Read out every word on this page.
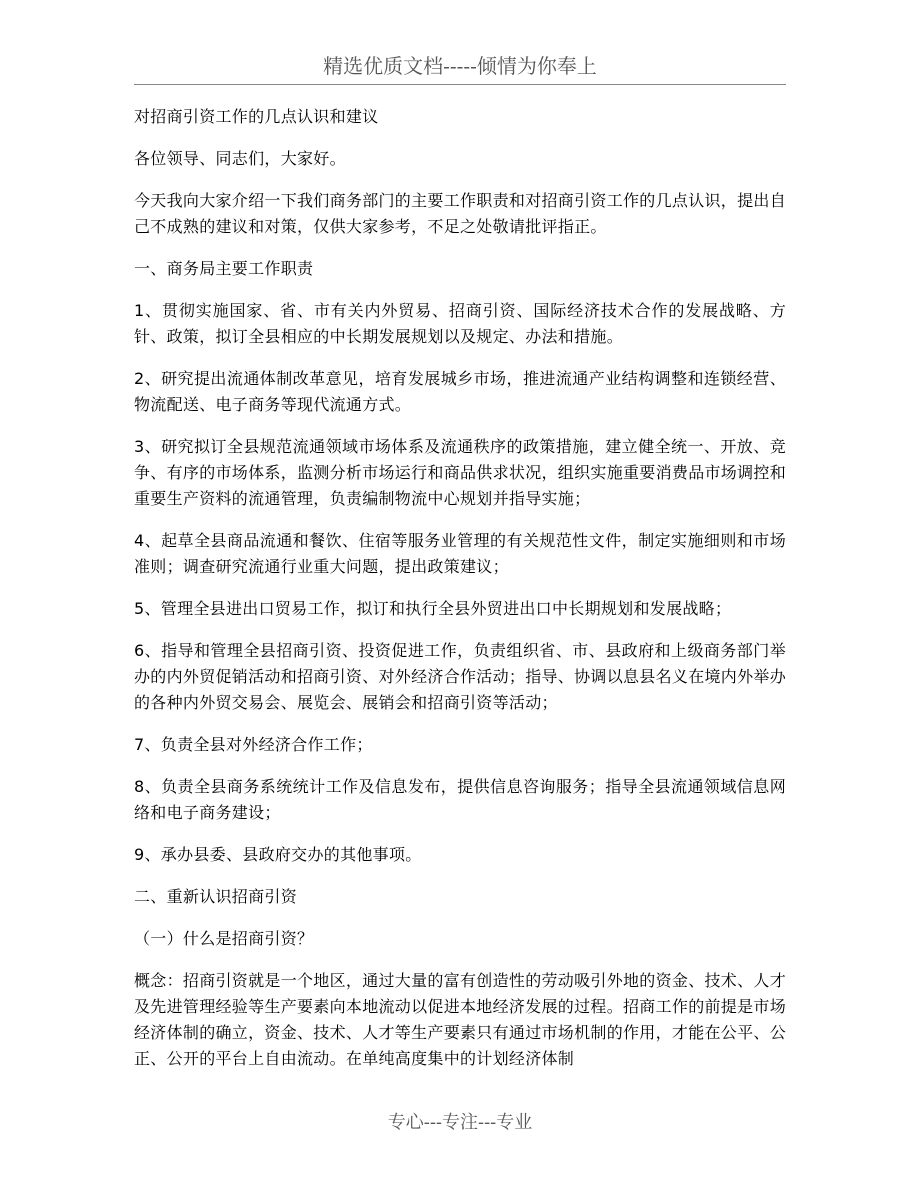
精选优质文档-----倾情为你奉上

对招商引资工作的几点认识和建议

各位领导、同志们，大家好。

今天我向大家介绍一下我们商务部门的主要工作职责和对招商引资工作的几点认识，提出自己不成熟的建议和对策，仅供大家参考，不足之处敬请批评指正。

一、商务局主要工作职责

1、贯彻实施国家、省、市有关内外贸易、招商引资、国际经济技术合作的发展战略、方针、政策，拟订全县相应的中长期发展规划以及规定、办法和措施。

2、研究提出流通体制改革意见，培育发展城乡市场，推进流通产业结构调整和连锁经营、物流配送、电子商务等现代流通方式。

3、研究拟订全县规范流通领域市场体系及流通秩序的政策措施，建立健全统一、开放、竞争、有序的市场体系，监测分析市场运行和商品供求状况，组织实施重要消费品市场调控和重要生产资料的流通管理，负责编制物流中心规划并指导实施；

4、起草全县商品流通和餐饮、住宿等服务业管理的有关规范性文件，制定实施细则和市场准则；调查研究流通行业重大问题，提出政策建议；

5、管理全县进出口贸易工作，拟订和执行全县外贸进出口中长期规划和发展战略；

6、指导和管理全县招商引资、投资促进工作，负责组织省、市、县政府和上级商务部门举办的内外贸促销活动和招商引资、对外经济合作活动；指导、协调以息县名义在境内外举办的各种内外贸交易会、展览会、展销会和招商引资等活动；

7、负责全县对外经济合作工作；

8、负责全县商务系统统计工作及信息发布，提供信息咨询服务；指导全县流通领域信息网络和电子商务建设；

9、承办县委、县政府交办的其他事项。

二、重新认识招商引资

（一）什么是招商引资？

概念：招商引资就是一个地区，通过大量的富有创造性的劳动吸引外地的资金、技术、人才及先进管理经验等生产要素向本地流动以促进本地经济发展的过程。招商工作的前提是市场经济体制的确立，资金、技术、人才等生产要素只有通过市场机制的作用，才能在公平、公正、公开的平台上自由流动。在单纯高度集中的计划经济体制

专心---专注---专业
